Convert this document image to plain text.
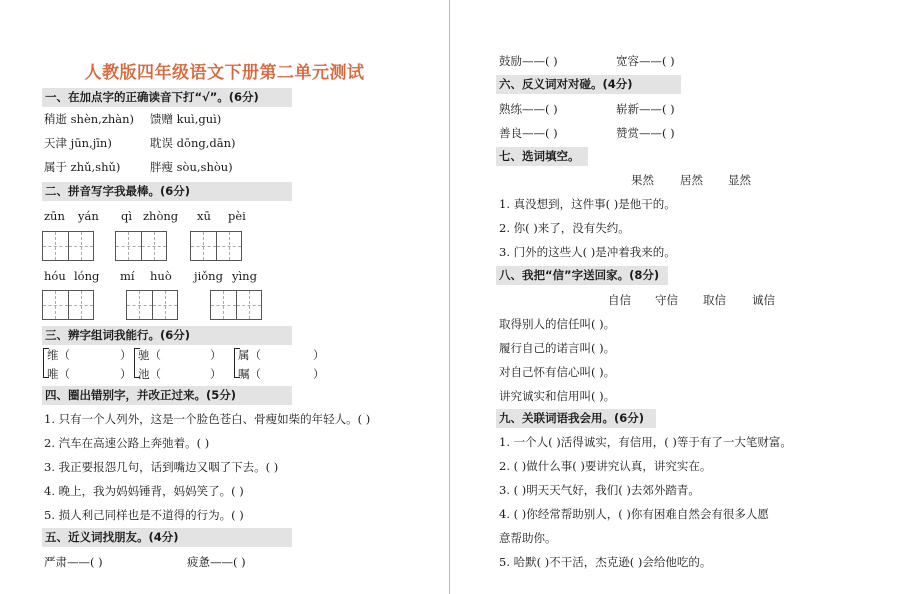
人教版四年级语文下册第二单元测试
一、在加点字的正确读音下打“√”。(6分)
稍逝 shèn,zhàn) 馈赠 kuì,guì)
天津 jūn,jīn)	耽误 dōng,dān)
属于 zhǔ,shǔ)	胖瘦 sòu,shòu)
二、拼音写字我最棒。(6分)
zūn yán qì zhòng xū pèi
hóu lóng mí huò jiǒng yìng
三、辨字组词我能行。(6分)
维（	） 驰（	） 属（	）
唯（	） 池（	） 嘱（	）
四、圈出错别字，并改正过来。(5分)
1. 只有一个人列外，这是一个脸色苍白、骨瘦如柴的年轻人。( )
2. 汽车在高速公路上奔弛着。( )
3. 我正要报怨几句，话到嘴边又咽了下去。( )
4. 晚上，我为妈妈锤背，妈妈笑了。( )
5. 损人利己同样也是不道得的行为。( )
五、近义词找朋友。(4分)
严肃——( )	疲惫——( )
鼓励——( )	宽容——( )
六、反义词对对碰。(4分)
熟练——( )	崭新——( )
善良——( )	赞赏——( )
七、选词填空。
果然 居然 显然
1. 真没想到，这件事( )是他干的。
2. 你( )来了，没有失约。
3. 门外的这些人( )是冲着我来的。
八、我把“信”字送回家。(8分)
自信 守信 取信 诚信
取得别人的信任叫( )。
履行自己的诺言叫( )。
对自己怀有信心叫( )。
讲究诚实和信用叫( )。
九、关联词语我会用。(6分)
1. 一个人( )活得诚实，有信用，( )等于有了一大笔财富。
2. ( )做什么事( )要讲究认真，讲究实在。
3. ( )明天天气好，我们( )去郊外踏青。
4. ( )你经常帮助别人，( )你有困难自然会有很多人愿
意帮助你。
5. 哈默( )不干活，杰克逊( )会给他吃的。
